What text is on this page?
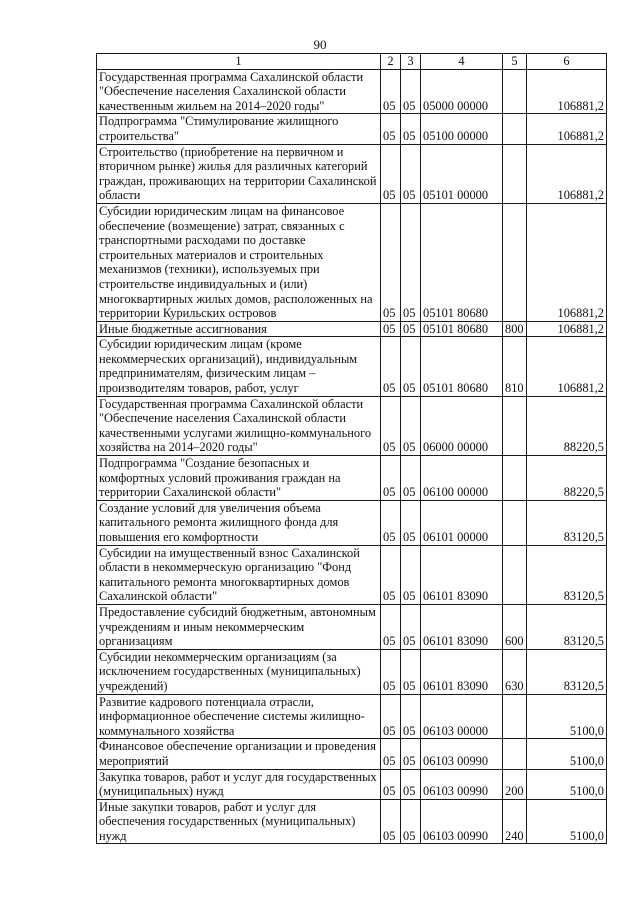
90
1	2	3	4	5	6
Государственная программа Сахалинской области "Обеспечение населения Сахалинской области качественным жильем на 2014–2020 годы"	05	05	05000 00000		106881,2
Подпрограмма "Стимулирование жилищного строительства"	05	05	05100 00000		106881,2
Строительство (приобретение на первичном и вторичном рынке) жилья для различных категорий граждан, проживающих на территории Сахалинской области	05	05	05101 00000		106881,2
Субсидии юридическим лицам на финансовое обеспечение (возмещение) затрат, связанных с транспортными расходами по доставке строительных материалов и строительных механизмов (техники), используемых при строительстве индивидуальных и (или) многоквартирных жилых домов, расположенных на территории Курильских островов	05	05	05101 80680		106881,2
Иные бюджетные ассигнования	05	05	05101 80680	800	106881,2
Субсидии юридическим лицам (кроме некоммерческих организаций), индивидуальным предпринимателям, физическим лицам – производителям товаров, работ, услуг	05	05	05101 80680	810	106881,2
Государственная программа Сахалинской области "Обеспечение населения Сахалинской области качественными услугами жилищно-коммунального хозяйства на 2014–2020 годы"	05	05	06000 00000		88220,5
Подпрограмма "Создание безопасных и комфортных условий проживания граждан на территории Сахалинской области"	05	05	06100 00000		88220,5
Создание условий для увеличения объема капитального ремонта жилищного фонда для повышения его комфортности	05	05	06101 00000		83120,5
Субсидии на имущественный взнос Сахалинской области в некоммерческую организацию "Фонд капитального ремонта многоквартирных домов Сахалинской области"	05	05	06101 83090		83120,5
Предоставление субсидий бюджетным, автономным учреждениям и иным некоммерческим организациям	05	05	06101 83090	600	83120,5
Субсидии некоммерческим организациям (за исключением государственных (муниципальных) учреждений)	05	05	06101 83090	630	83120,5
Развитие кадрового потенциала отрасли, информационное обеспечение системы жилищно-коммунального хозяйства	05	05	06103 00000		5100,0
Финансовое обеспечение организации и проведения мероприятий	05	05	06103 00990		5100,0
Закупка товаров, работ и услуг для государственных (муниципальных) нужд	05	05	06103 00990	200	5100,0
Иные закупки товаров, работ и услуг для обеспечения государственных (муниципальных) нужд	05	05	06103 00990	240	5100,0
